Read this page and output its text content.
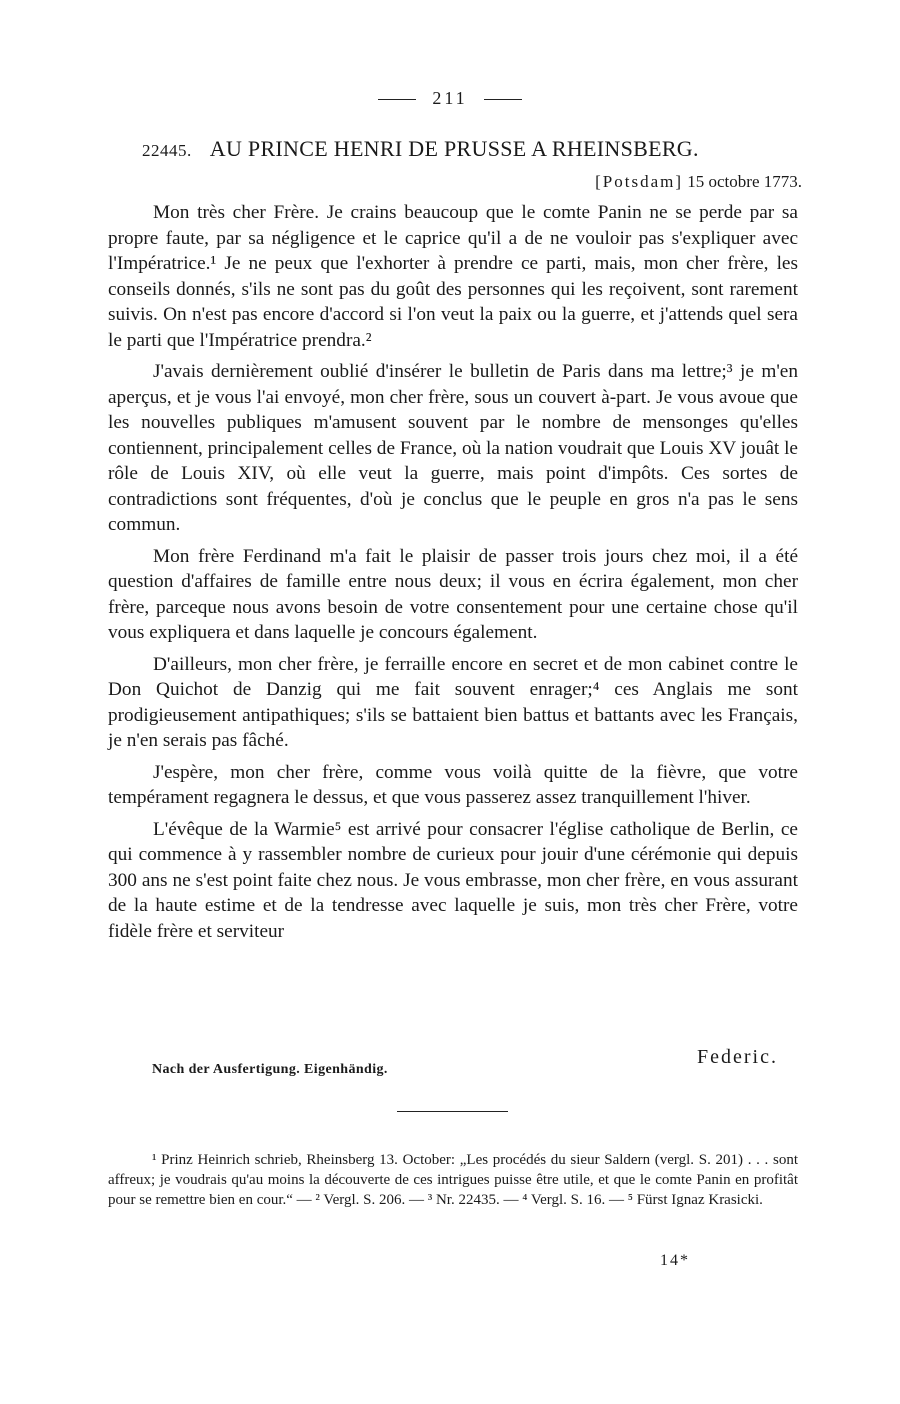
211
22445. AU PRINCE HENRI DE PRUSSE A RHEINSBERG.
[Potsdam] 15 octobre 1773.

Mon très cher Frère. Je crains beaucoup que le comte Panin ne se perde par sa propre faute, par sa négligence et le caprice qu'il a de ne vouloir pas s'expliquer avec l'Impératrice.¹ Je ne peux que l'exhorter à prendre ce parti, mais, mon cher frère, les conseils donnés, s'ils ne sont pas du goût des personnes qui les reçoivent, sont rarement suivis. On n'est pas encore d'accord si l'on veut la paix ou la guerre, et j'attends quel sera le parti que l'Impératrice prendra.²

J'avais dernièrement oublié d'insérer le bulletin de Paris dans ma lettre;³ je m'en aperçus, et je vous l'ai envoyé, mon cher frère, sous un couvert à-part. Je vous avoue que les nouvelles publiques m'amusent souvent par le nombre de mensonges qu'elles contiennent, principalement celles de France, où la nation voudrait que Louis XV jouât le rôle de Louis XIV, où elle veut la guerre, mais point d'impôts. Ces sortes de contradictions sont fréquentes, d'où je conclus que le peuple en gros n'a pas le sens commun.

Mon frère Ferdinand m'a fait le plaisir de passer trois jours chez moi, il a été question d'affaires de famille entre nous deux; il vous en écrira également, mon cher frère, parceque nous avons besoin de votre consentement pour une certaine chose qu'il vous expliquera et dans laquelle je concours également.

D'ailleurs, mon cher frère, je ferraille encore en secret et de mon cabinet contre le Don Quichot de Danzig qui me fait souvent enrager;⁴ ces Anglais me sont prodigieusement antipathiques; s'ils se battaient bien battus et battants avec les Français, je n'en serais pas fâché.

J'espère, mon cher frère, comme vous voilà quitte de la fièvre, que votre tempérament regagnera le dessus, et que vous passerez assez tranquillement l'hiver.

L'évêque de la Warmie⁵ est arrivé pour consacrer l'église catholique de Berlin, ce qui commence à y rassembler nombre de curieux pour jouir d'une cérémonie qui depuis 300 ans ne s'est point faite chez nous. Je vous embrasse, mon cher frère, en vous assurant de la haute estime et de la tendresse avec laquelle je suis, mon très cher Frère, votre fidèle frère et serviteur

Federic.
Nach der Ausfertigung. Eigenhändig.

¹ Prinz Heinrich schrieb, Rheinsberg 13. October: „Les procédés du sieur Saldern (vergl. S. 201) . . . sont affreux; je voudrais qu'au moins la découverte de ces intrigues puisse être utile, et que le comte Panin en profitât pour se remettre bien en cour.“ — ² Vergl. S. 206. — ³ Nr. 22435. — ⁴ Vergl. S. 16. — ⁵ Fürst Ignaz Krasicki.

14*
